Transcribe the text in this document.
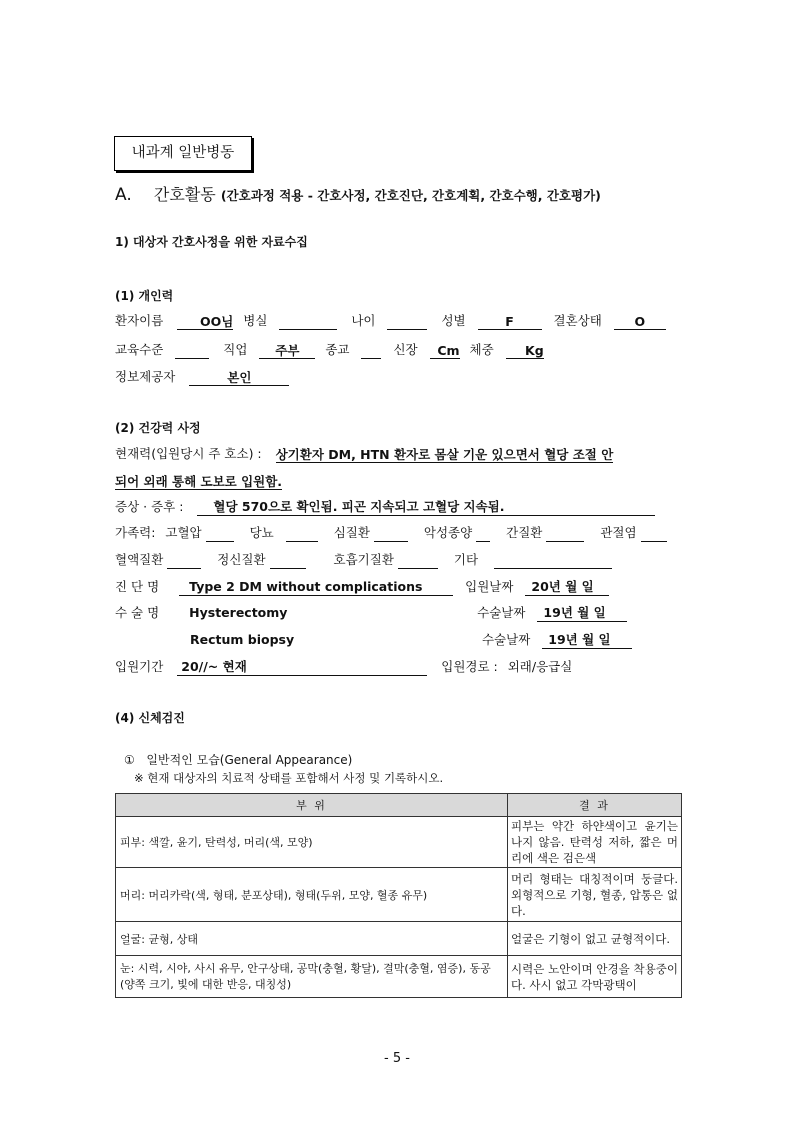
내과계 일반병동
A. 간호활동 (간호과정 적용 - 간호사정, 간호진단, 간호계획, 간호수행, 간호평가)
1) 대상자 간호사정을 위한 자료수집
(1) 개인력
환자이름	OO님 병실	나이	성별	F	결혼상태	O
교육수준	직업 주부 종교	신장 Cm 체중	Kg
정보제공자	본인
(2) 건강력 사정
현재력(입원당시 주 호소) : 상기환자 DM, HTN 환자로 몸살 기운 있으면서 혈당 조절 안
되어 외래 통해 도보로 입원함.
증상 · 증후 : 혈당 570으로 확인됨. 피곤 지속되고 고혈당 지속됨.
가족력: 고혈압	당뇨	심질환	악성종양	간질환	관절염
혈액질환	정신질환	호흡기질환	기타
진 단 명 Type 2 DM without complications	입원날짜 20년 월 일
수 술 명 Hysterectomy	수술날짜 19년 월 일
Rectum biopsy	수술날짜 19년 월 일
입원기간 20//~ 현재	입원경로 : 외래/응급실
(4) 신체검진
① 일반적인 모습(General Appearance)
※ 현재 대상자의 치료적 상태를 포함해서 사정 및 기록하시오.
부 위	결 과
피부: 색깔, 윤기, 탄력성, 머리(색, 모양)	피부는 약간 하얀색이고 윤기는 나지 않음. 탄력성 저하, 짧은 머리에 색은 검은색
머리: 머리카락(색, 형태, 분포상태), 형태(두위, 모양, 혈종 유무)	머리 형태는 대칭적이며 둥글다. 외형적으로 기형, 혈종, 압통은 없다.
얼굴: 균형, 상태	얼굴은 기형이 없고 균형적이다.
눈: 시력, 시야, 사시 유무, 안구상태, 공막(충혈, 황달), 결막(충혈, 염증), 동공(양쪽 크기, 빛에 대한 반응, 대칭성)	시력은 노안이며 안경을 착용중이다. 사시 없고 각막광택이
- 5 -
